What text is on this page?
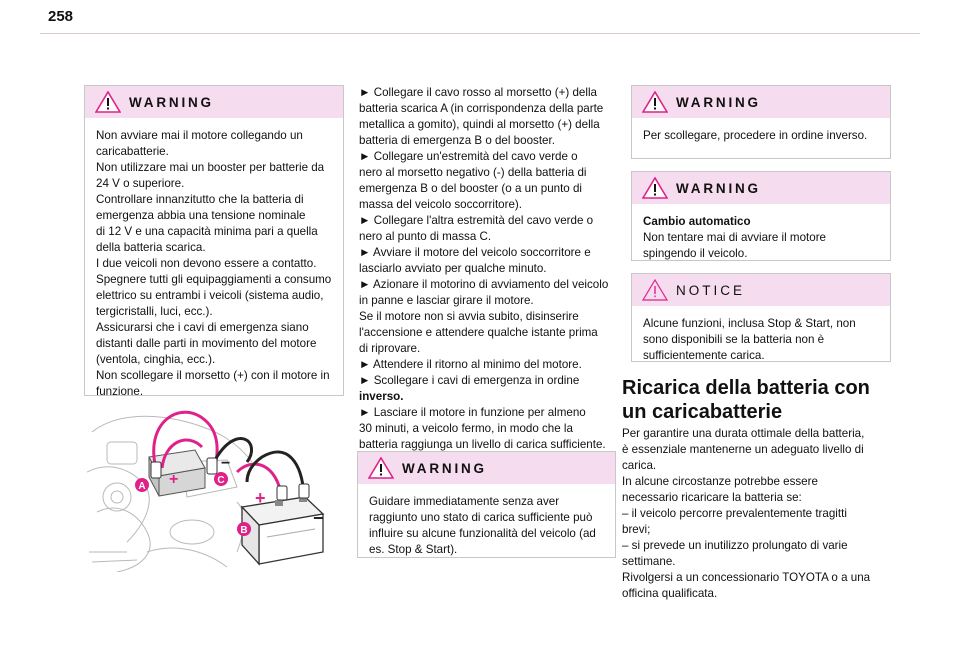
258
WARNING

Non avviare mai il motore collegando un

caricabatterie.

Non utilizzare mai un booster per batterie da

24 V o superiore.

Controllare innanzitutto che la batteria di

emergenza abbia una tensione nominale

di 12 V e una capacità minima pari a quella

della batteria scarica.

I due veicoli non devono essere a contatto.

Spegnere tutti gli equipaggiamenti a consumo

elettrico su entrambi i veicoli (sistema audio,

tergicristalli, luci, ecc.).

Assicurarsi che i cavi di emergenza siano

distanti dalle parti in movimento del motore

(ventola, cinghia, ecc.).

Non scollegare il morsetto (+) con il motore in

funzione.

+
−
+
−
A
B
C

► Collegare il cavo rosso al morsetto (+) della

batteria scarica A (in corrispondenza della parte

metallica a gomito), quindi al morsetto (+) della

batteria di emergenza B o del booster.

► Collegare un'estremità del cavo verde o

nero al morsetto negativo (-) della batteria di

emergenza B o del booster (o a un punto di

massa del veicolo soccorritore).

► Collegare l'altra estremità del cavo verde o

nero al punto di massa C.

► Avviare il motore del veicolo soccorritore e

lasciarlo avviato per qualche minuto.

► Azionare il motorino di avviamento del veicolo

in panne e lasciar girare il motore.

Se il motore non si avvia subito, disinserire

l'accensione e attendere qualche istante prima

di riprovare.

► Attendere il ritorno al minimo del motore.

► Scollegare i cavi di emergenza in ordine

inverso.

► Lasciare il motore in funzione per almeno

30 minuti, a veicolo fermo, in modo che la

batteria raggiunga un livello di carica sufficiente.

WARNING

Guidare immediatamente senza aver

raggiunto uno stato di carica sufficiente può

influire su alcune funzionalità del veicolo (ad

es. Stop & Start).

WARNING

Per scollegare, procedere in ordine inverso.

WARNING

Cambio automatico

Non tentare mai di avviare il motore

spingendo il veicolo.

NOTICE

Alcune funzioni, inclusa Stop & Start, non

sono disponibili se la batteria non è

sufficientemente carica.

Ricarica della batteria con
un caricabatterie

Per garantire una durata ottimale della batteria,

è essenziale mantenerne un adeguato livello di

carica.

In alcune circostanze potrebbe essere

necessario ricaricare la batteria se:

– il veicolo percorre prevalentemente tragitti

brevi;

– si prevede un inutilizzo prolungato di varie

settimane.

Rivolgersi a un concessionario TOYOTA o a una

officina qualificata.
